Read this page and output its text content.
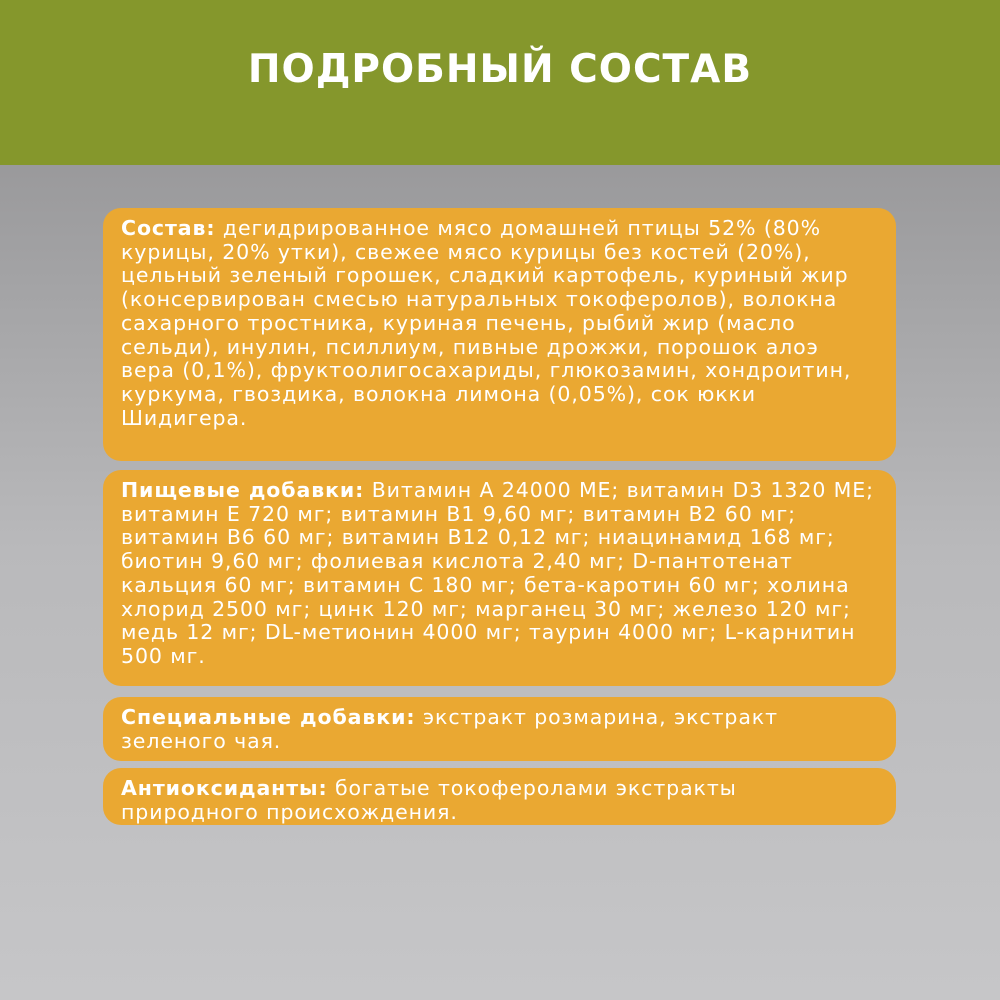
ПОДРОБНЫЙ СОСТАВ
Состав: дегидрированное мясо домашней птицы 52% (80% курицы, 20% утки), свежее мясо курицы без костей (20%), цельный зеленый горошек, сладкий картофель, куриный жир (консервирован смесью натуральных токоферолов), волокна сахарного тростника, куриная печень, рыбий жир (масло сельди), инулин, псиллиум, пивные дрожжи, порошок алоэ вера (0,1%), фруктоолигосахариды, глюкозамин, хондроитин, куркума, гвоздика, волокна лимона (0,05%), сок юкки Шидигера.
Пищевые добавки: Витамин А 24000 МЕ; витамин D3 1320 МЕ; витамин Е 720 мг; витамин В1 9,60 мг; витамин В2 60 мг; витамин В6 60 мг; витамин В12 0,12 мг; ниацинамид 168 мг; биотин 9,60 мг; фолиевая кислота 2,40 мг; D-пантотенат кальция 60 мг; витамин С 180 мг; бета-каротин 60 мг; холина хлорид 2500 мг; цинк 120 мг; марганец 30 мг; железо 120 мг; медь 12 мг; DL-метионин 4000 мг; таурин 4000 мг; L-карнитин 500 мг.
Специальные добавки: экстракт розмарина, экстракт зеленого чая.
Антиоксиданты: богатые токоферолами экстракты природного происхождения.
